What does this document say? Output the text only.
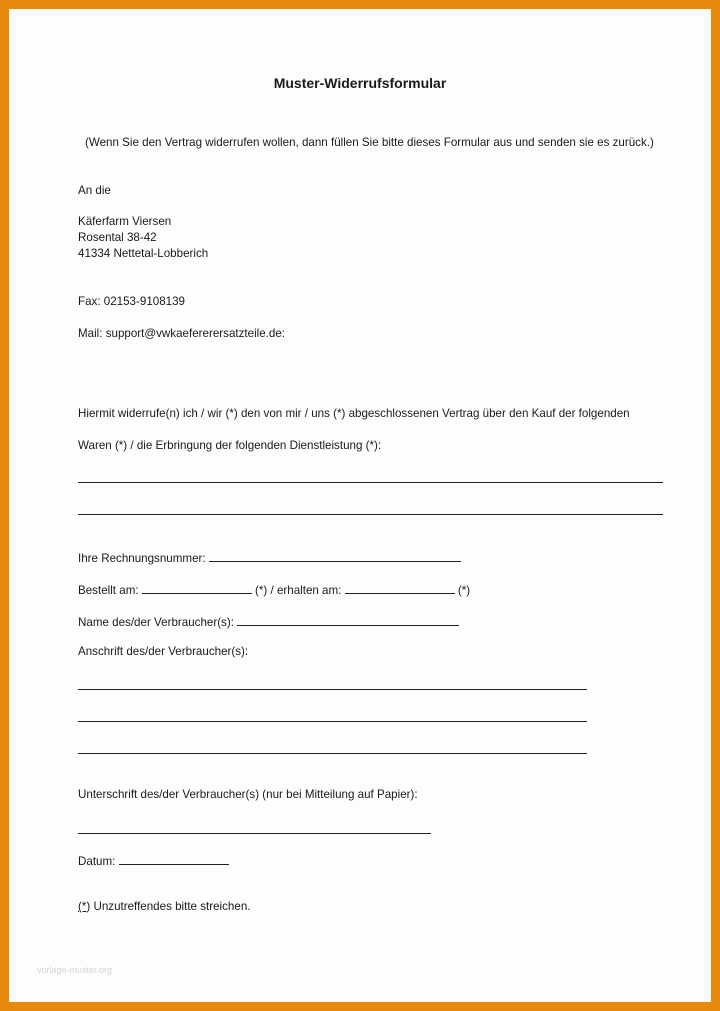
Muster-Widerrufsformular
(Wenn Sie den Vertrag widerrufen wollen, dann füllen Sie bitte dieses Formular aus und senden sie es zurück.)
An die
Käferfarm Viersen
Rosental 38-42
41334 Nettetal-Lobberich
Fax: 02153-9108139
Mail: support@vwkaefererersatzteile.de:
Hiermit widerrufe(n) ich / wir (*) den von mir / uns (*) abgeschlossenen Vertrag über den Kauf der folgenden
Waren (*) / die Erbringung der folgenden Dienstleistung (*):
Ihre Rechnungsnummer:
Bestellt am:	(*) / erhalten am:	(*)
Name des/der Verbraucher(s):
Anschrift des/der Verbraucher(s):
Unterschrift des/der Verbraucher(s) (nur bei Mitteilung auf Papier):
Datum:
(*) Unzutreffendes bitte streichen.
vorlage-muster.org
